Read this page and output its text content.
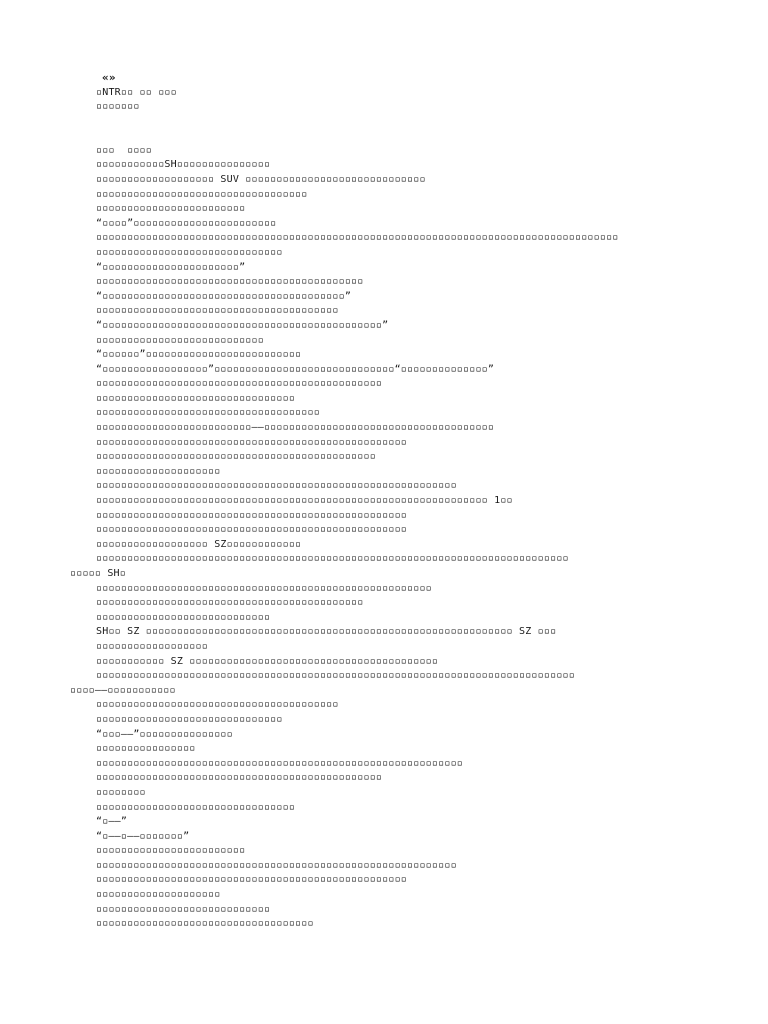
«»
▫NTR▫▫ ▫▫ ▫▫▫
▫▫▫▫▫▫▫
▫▫▫  ▫▫▫▫
▫▫▫▫▫▫▫▫▫▫▫SH▫▫▫▫▫▫▫▫▫▫▫▫▫▫▫
▫▫▫▫▫▫▫▫▫▫▫▫▫▫▫▫▫▫▫ SUV ▫▫▫▫▫▫▫▫▫▫▫▫▫▫▫▫▫▫▫▫▫▫▫▫▫▫▫▫▫
▫▫▫▫▫▫▫▫▫▫▫▫▫▫▫▫▫▫▫▫▫▫▫▫▫▫▫▫▫▫▫▫▫▫
▫▫▫▫▫▫▫▫▫▫▫▫▫▫▫▫▫▫▫▫▫▫▫▫
“▫▫▫▫”▫▫▫▫▫▫▫▫▫▫▫▫▫▫▫▫▫▫▫▫▫▫▫
▫▫▫▫▫▫▫▫▫▫▫▫▫▫▫▫▫▫▫▫▫▫▫▫▫▫▫▫▫▫▫▫▫▫▫▫▫▫▫▫▫▫▫▫▫▫▫▫▫▫▫▫▫▫▫▫▫▫▫▫▫▫▫▫▫▫▫▫▫▫▫▫▫▫▫▫▫▫▫▫▫▫▫▫
▫▫▫▫▫▫▫▫▫▫▫▫▫▫▫▫▫▫▫▫▫▫▫▫▫▫▫▫▫▫
“▫▫▫▫▫▫▫▫▫▫▫▫▫▫▫▫▫▫▫▫▫▫”
▫▫▫▫▫▫▫▫▫▫▫▫▫▫▫▫▫▫▫▫▫▫▫▫▫▫▫▫▫▫▫▫▫▫▫▫▫▫▫▫▫▫▫
“▫▫▫▫▫▫▫▫▫▫▫▫▫▫▫▫▫▫▫▫▫▫▫▫▫▫▫▫▫▫▫▫▫▫▫▫▫▫▫”
▫▫▫▫▫▫▫▫▫▫▫▫▫▫▫▫▫▫▫▫▫▫▫▫▫▫▫▫▫▫▫▫▫▫▫▫▫▫▫
“▫▫▫▫▫▫▫▫▫▫▫▫▫▫▫▫▫▫▫▫▫▫▫▫▫▫▫▫▫▫▫▫▫▫▫▫▫▫▫▫▫▫▫▫▫”
▫▫▫▫▫▫▫▫▫▫▫▫▫▫▫▫▫▫▫▫▫▫▫▫▫▫▫
“▫▫▫▫▫▫”▫▫▫▫▫▫▫▫▫▫▫▫▫▫▫▫▫▫▫▫▫▫▫▫▫
“▫▫▫▫▫▫▫▫▫▫▫▫▫▫▫▫▫”▫▫▫▫▫▫▫▫▫▫▫▫▫▫▫▫▫▫▫▫▫▫▫▫▫▫▫▫▫“▫▫▫▫▫▫▫▫▫▫▫▫▫▫”
▫▫▫▫▫▫▫▫▫▫▫▫▫▫▫▫▫▫▫▫▫▫▫▫▫▫▫▫▫▫▫▫▫▫▫▫▫▫▫▫▫▫▫▫▫▫
▫▫▫▫▫▫▫▫▫▫▫▫▫▫▫▫▫▫▫▫▫▫▫▫▫▫▫▫▫▫▫▫
▫▫▫▫▫▫▫▫▫▫▫▫▫▫▫▫▫▫▫▫▫▫▫▫▫▫▫▫▫▫▫▫▫▫▫▫
▫▫▫▫▫▫▫▫▫▫▫▫▫▫▫▫▫▫▫▫▫▫▫▫▫——▫▫▫▫▫▫▫▫▫▫▫▫▫▫▫▫▫▫▫▫▫▫▫▫▫▫▫▫▫▫▫▫▫▫▫▫▫
▫▫▫▫▫▫▫▫▫▫▫▫▫▫▫▫▫▫▫▫▫▫▫▫▫▫▫▫▫▫▫▫▫▫▫▫▫▫▫▫▫▫▫▫▫▫▫▫▫▫
▫▫▫▫▫▫▫▫▫▫▫▫▫▫▫▫▫▫▫▫▫▫▫▫▫▫▫▫▫▫▫▫▫▫▫▫▫▫▫▫▫▫▫▫▫
▫▫▫▫▫▫▫▫▫▫▫▫▫▫▫▫▫▫▫▫
▫▫▫▫▫▫▫▫▫▫▫▫▫▫▫▫▫▫▫▫▫▫▫▫▫▫▫▫▫▫▫▫▫▫▫▫▫▫▫▫▫▫▫▫▫▫▫▫▫▫▫▫▫▫▫▫▫▫
▫▫▫▫▫▫▫▫▫▫▫▫▫▫▫▫▫▫▫▫▫▫▫▫▫▫▫▫▫▫▫▫▫▫▫▫▫▫▫▫▫▫▫▫▫▫▫▫▫▫▫▫▫▫▫▫▫▫▫▫▫▫▫ 1▫▫
▫▫▫▫▫▫▫▫▫▫▫▫▫▫▫▫▫▫▫▫▫▫▫▫▫▫▫▫▫▫▫▫▫▫▫▫▫▫▫▫▫▫▫▫▫▫▫▫▫▫
▫▫▫▫▫▫▫▫▫▫▫▫▫▫▫▫▫▫▫▫▫▫▫▫▫▫▫▫▫▫▫▫▫▫▫▫▫▫▫▫▫▫▫▫▫▫▫▫▫▫
▫▫▫▫▫▫▫▫▫▫▫▫▫▫▫▫▫▫ SZ▫▫▫▫▫▫▫▫▫▫▫▫
▫▫▫▫▫▫▫▫▫▫▫▫▫▫▫▫▫▫▫▫▫▫▫▫▫▫▫▫▫▫▫▫▫▫▫▫▫▫▫▫▫▫▫▫▫▫▫▫▫▫▫▫▫▫▫▫▫▫▫▫▫▫▫▫▫▫▫▫▫▫▫▫▫▫▫▫
▫▫▫▫▫ SH▫
▫▫▫▫▫▫▫▫▫▫▫▫▫▫▫▫▫▫▫▫▫▫▫▫▫▫▫▫▫▫▫▫▫▫▫▫▫▫▫▫▫▫▫▫▫▫▫▫▫▫▫▫▫▫
▫▫▫▫▫▫▫▫▫▫▫▫▫▫▫▫▫▫▫▫▫▫▫▫▫▫▫▫▫▫▫▫▫▫▫▫▫▫▫▫▫▫▫
▫▫▫▫▫▫▫▫▫▫▫▫▫▫▫▫▫▫▫▫▫▫▫▫▫▫▫▫
SH▫▫ SZ ▫▫▫▫▫▫▫▫▫▫▫▫▫▫▫▫▫▫▫▫▫▫▫▫▫▫▫▫▫▫▫▫▫▫▫▫▫▫▫▫▫▫▫▫▫▫▫▫▫▫▫▫▫▫▫▫▫▫▫ SZ ▫▫▫
▫▫▫▫▫▫▫▫▫▫▫▫▫▫▫▫▫▫
▫▫▫▫▫▫▫▫▫▫▫ SZ ▫▫▫▫▫▫▫▫▫▫▫▫▫▫▫▫▫▫▫▫▫▫▫▫▫▫▫▫▫▫▫▫▫▫▫▫▫▫▫▫
▫▫▫▫▫▫▫▫▫▫▫▫▫▫▫▫▫▫▫▫▫▫▫▫▫▫▫▫▫▫▫▫▫▫▫▫▫▫▫▫▫▫▫▫▫▫▫▫▫▫▫▫▫▫▫▫▫▫▫▫▫▫▫▫▫▫▫▫▫▫▫▫▫▫▫▫▫
▫▫▫▫——▫▫▫▫▫▫▫▫▫▫▫
▫▫▫▫▫▫▫▫▫▫▫▫▫▫▫▫▫▫▫▫▫▫▫▫▫▫▫▫▫▫▫▫▫▫▫▫▫▫▫
▫▫▫▫▫▫▫▫▫▫▫▫▫▫▫▫▫▫▫▫▫▫▫▫▫▫▫▫▫▫
“▫▫▫——”▫▫▫▫▫▫▫▫▫▫▫▫▫▫▫
▫▫▫▫▫▫▫▫▫▫▫▫▫▫▫▫
▫▫▫▫▫▫▫▫▫▫▫▫▫▫▫▫▫▫▫▫▫▫▫▫▫▫▫▫▫▫▫▫▫▫▫▫▫▫▫▫▫▫▫▫▫▫▫▫▫▫▫▫▫▫▫▫▫▫▫
▫▫▫▫▫▫▫▫▫▫▫▫▫▫▫▫▫▫▫▫▫▫▫▫▫▫▫▫▫▫▫▫▫▫▫▫▫▫▫▫▫▫▫▫▫▫
▫▫▫▫▫▫▫▫
▫▫▫▫▫▫▫▫▫▫▫▫▫▫▫▫▫▫▫▫▫▫▫▫▫▫▫▫▫▫▫▫
“▫——”
“▫——▫——▫▫▫▫▫▫▫”
▫▫▫▫▫▫▫▫▫▫▫▫▫▫▫▫▫▫▫▫▫▫▫▫
▫▫▫▫▫▫▫▫▫▫▫▫▫▫▫▫▫▫▫▫▫▫▫▫▫▫▫▫▫▫▫▫▫▫▫▫▫▫▫▫▫▫▫▫▫▫▫▫▫▫▫▫▫▫▫▫▫▫
▫▫▫▫▫▫▫▫▫▫▫▫▫▫▫▫▫▫▫▫▫▫▫▫▫▫▫▫▫▫▫▫▫▫▫▫▫▫▫▫▫▫▫▫▫▫▫▫▫▫
▫▫▫▫▫▫▫▫▫▫▫▫▫▫▫▫▫▫▫▫
▫▫▫▫▫▫▫▫▫▫▫▫▫▫▫▫▫▫▫▫▫▫▫▫▫▫▫▫
▫▫▫▫▫▫▫▫▫▫▫▫▫▫▫▫▫▫▫▫▫▫▫▫▫▫▫▫▫▫▫▫▫▫▫
